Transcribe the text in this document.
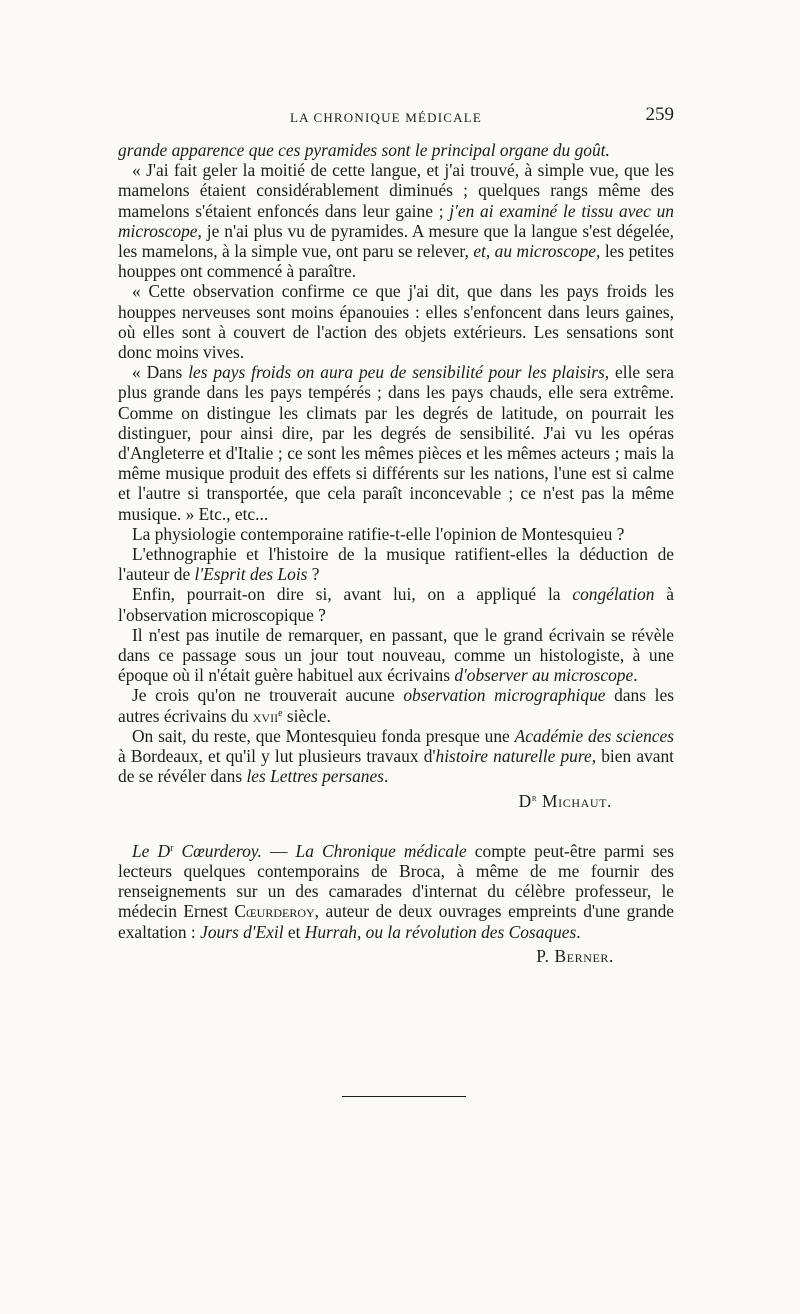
LA CHRONIQUE MÉDICALE	259

grande apparence que ces pyramides sont le principal organe du goût.

« J'ai fait geler la moitié de cette langue, et j'ai trouvé, à simple vue, que les mamelons étaient considérablement diminués ; quelques rangs même des mamelons s'étaient enfoncés dans leur gaine ; j'en ai examiné le tissu avec un microscope, je n'ai plus vu de pyramides. A mesure que la langue s'est dégelée, les mamelons, à la simple vue, ont paru se relever, et, au microscope, les petites houppes ont commencé à paraître.

« Cette observation confirme ce que j'ai dit, que dans les pays froids les houppes nerveuses sont moins épanouies : elles s'enfoncent dans leurs gaines, où elles sont à couvert de l'action des objets extérieurs. Les sensations sont donc moins vives.

« Dans les pays froids on aura peu de sensibilité pour les plaisirs, elle sera plus grande dans les pays tempérés ; dans les pays chauds, elle sera extrême. Comme on distingue les climats par les degrés de latitude, on pourrait les distinguer, pour ainsi dire, par les degrés de sensibilité. J'ai vu les opéras d'Angleterre et d'Italie ; ce sont les mêmes pièces et les mêmes acteurs ; mais la même musique produit des effets si différents sur les nations, l'une est si calme et l'autre si transportée, que cela paraît inconcevable ; ce n'est pas la même musique. » Etc., etc...

La physiologie contemporaine ratifie-t-elle l'opinion de Montesquieu ?

L'ethnographie et l'histoire de la musique ratifient-elles la déduction de l'auteur de l'Esprit des Lois ?

Enfin, pourrait-on dire si, avant lui, on a appliqué la congélation à l'observation microscopique ?

Il n'est pas inutile de remarquer, en passant, que le grand écrivain se révèle dans ce passage sous un jour tout nouveau, comme un histologiste, à une époque où il n'était guère habituel aux écrivains d'observer au microscope.

Je crois qu'on ne trouverait aucune observation micrographique dans les autres écrivains du xvii$^e$ siècle.

On sait, du reste, que Montesquieu fonda presque une Académie des sciences à Bordeaux, et qu'il y lut plusieurs travaux d'histoire naturelle pure, bien avant de se révéler dans les Lettres persanes.

$D^r$ Michaut.

Le $D^r$ Cœurderoy. — La Chronique médicale compte peut-être parmi ses lecteurs quelques contemporains de Broca, à même de me fournir des renseignements sur un des camarades d'internat du célèbre professeur, le médecin Ernest Cœurderoy, auteur de deux ouvrages empreints d'une grande exaltation : Jours d'Exil et Hurrah, ou la révolution des Cosaques.

P. Berner.
